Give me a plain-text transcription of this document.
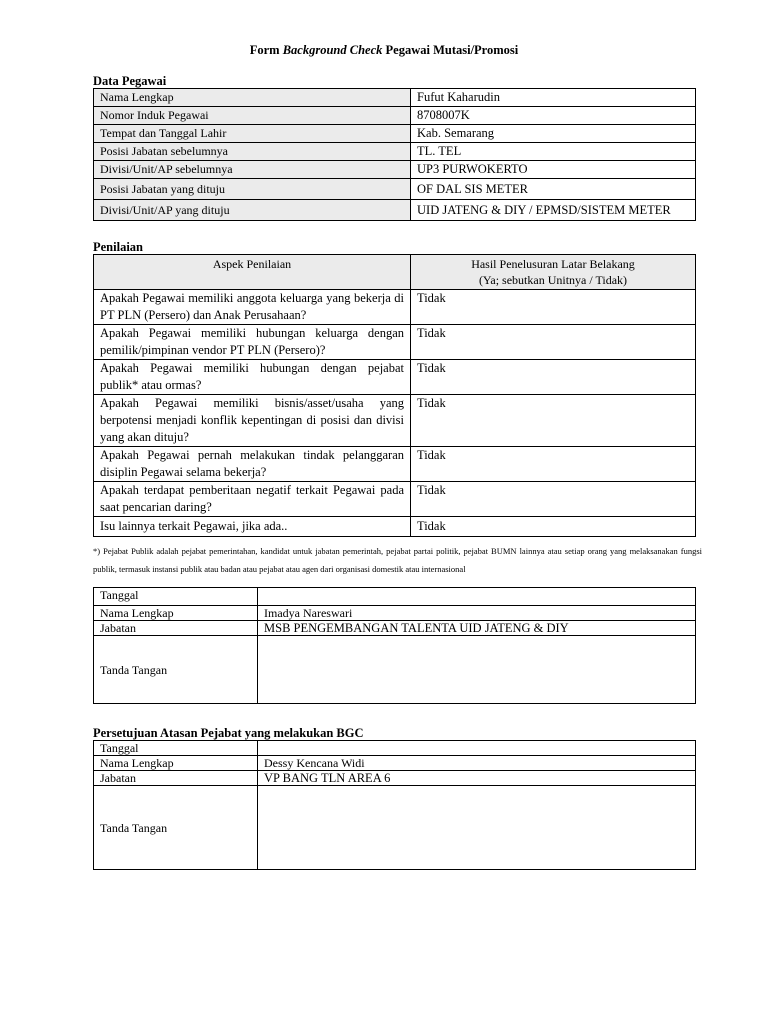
Form Background Check Pegawai Mutasi/Promosi
Data Pegawai
Nama Lengkap	Fufut Kaharudin
Nomor Induk Pegawai	8708007K
Tempat dan Tanggal Lahir	Kab. Semarang
Posisi Jabatan sebelumnya	TL. TEL
Divisi/Unit/AP sebelumnya	UP3 PURWOKERTO
Posisi Jabatan yang dituju	OF DAL SIS METER
Divisi/Unit/AP yang dituju	UID JATENG & DIY / EPMSD/SISTEM METER
Penilaian
Aspek Penilaian	Hasil Penelusuran Latar Belakang
(Ya; sebutkan Unitnya / Tidak)

Apakah Pegawai memiliki anggota keluarga yang bekerja di PT PLN (Persero) dan Anak Perusahaan?	Tidak
Apakah Pegawai memiliki hubungan keluarga dengan pemilik/pimpinan vendor PT PLN (Persero)?	Tidak
Apakah Pegawai memiliki hubungan dengan pejabat publik* atau ormas?	Tidak
Apakah Pegawai memiliki bisnis/asset/usaha yang berpotensi menjadi konflik kepentingan di posisi dan divisi yang akan dituju?	Tidak
Apakah Pegawai pernah melakukan tindak pelanggaran disiplin Pegawai selama bekerja?	Tidak
Apakah terdapat pemberitaan negatif terkait Pegawai pada saat pencarian daring?	Tidak
Isu lainnya terkait Pegawai, jika ada..	Tidak
*) Pejabat Publik adalah pejabat pemerintahan, kandidat untuk jabatan pemerintah, pejabat partai politik, pejabat BUMN lainnya atau setiap orang yang melaksanakan fungsi publik, termasuk instansi publik atau badan atau pejabat atau agen dari organisasi domestik atau internasional
Tanggal	
Nama Lengkap	Imadya Nareswari
Jabatan	MSB PENGEMBANGAN TALENTA UID JATENG & DIY
Tanda Tangan	
Persetujuan Atasan Pejabat yang melakukan BGC
Tanggal	
Nama Lengkap	Dessy Kencana Widi
Jabatan	VP BANG TLN AREA 6
Tanda Tangan	
